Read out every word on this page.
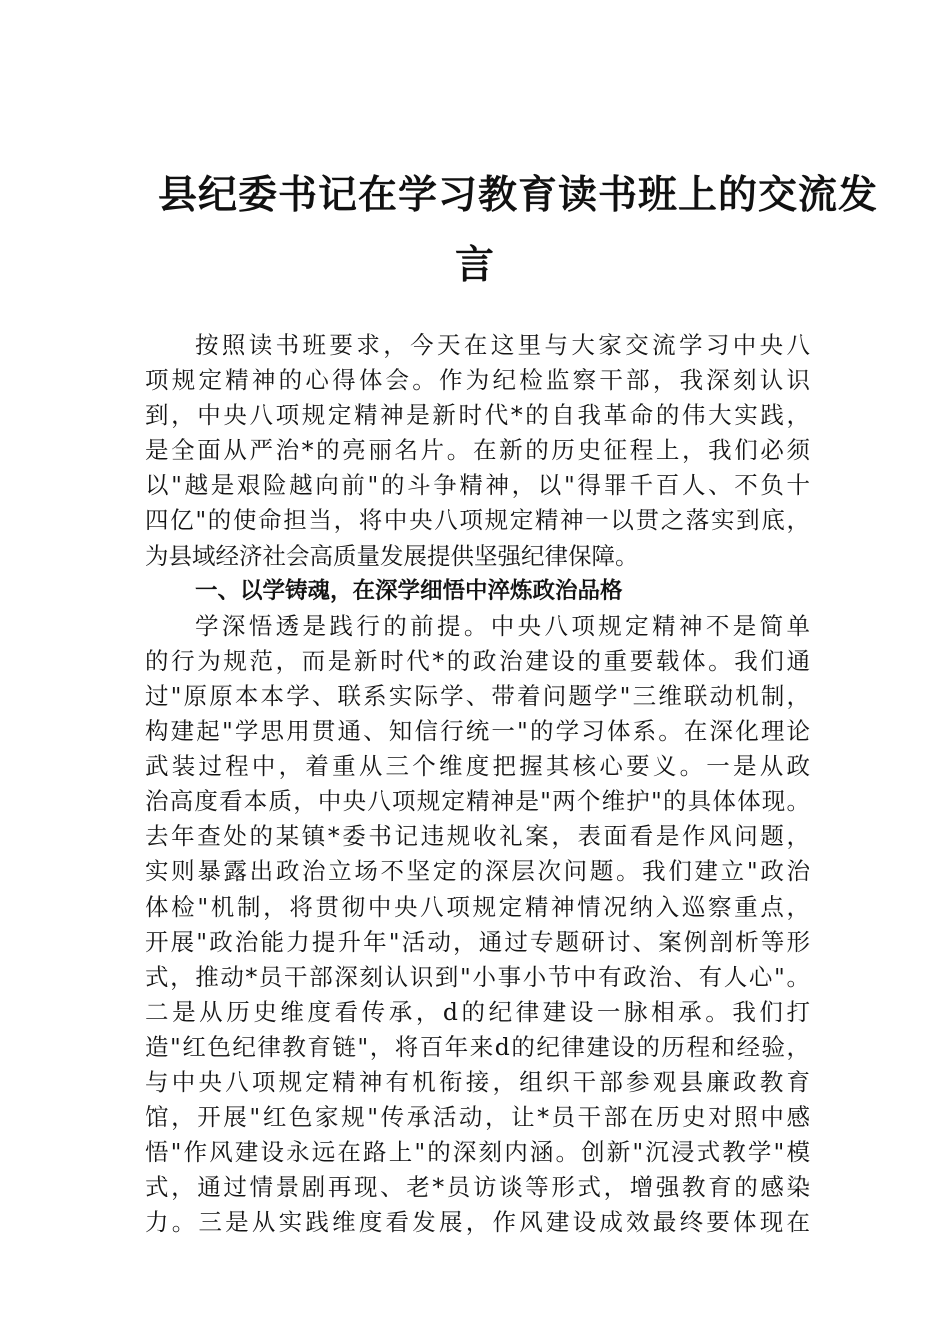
县纪委书记在学习教育读书班上的交流发
言
按照读书班要求，今天在这里与大家交流学习中央八
项规定精神的心得体会。作为纪检监察干部，我深刻认识
到，中央八项规定精神是新时代*的自我革命的伟大实践，
是全面从严治*的亮丽名片。在新的历史征程上，我们必须
以"越是艰险越向前"的斗争精神，以"得罪千百人、不负十
四亿"的使命担当，将中央八项规定精神一以贯之落实到底，
为县域经济社会高质量发展提供坚强纪律保障。
一、以学铸魂，在深学细悟中淬炼政治品格
学深悟透是践行的前提。中央八项规定精神不是简单
的行为规范，而是新时代*的政治建设的重要载体。我们通
过"原原本本学、联系实际学、带着问题学"三维联动机制，
构建起"学思用贯通、知信行统一"的学习体系。在深化理论
武装过程中，着重从三个维度把握其核心要义。一是从政
治高度看本质，中央八项规定精神是"两个维护"的具体体现。
去年查处的某镇*委书记违规收礼案，表面看是作风问题，
实则暴露出政治立场不坚定的深层次问题。我们建立"政治
体检"机制，将贯彻中央八项规定精神情况纳入巡察重点，
开展"政治能力提升年"活动，通过专题研讨、案例剖析等形
式，推动*员干部深刻认识到"小事小节中有政治、有人心"。
二是从历史维度看传承，d的纪律建设一脉相承。我们打
造"红色纪律教育链"，将百年来d的纪律建设的历程和经验，
与中央八项规定精神有机衔接，组织干部参观县廉政教育
馆，开展"红色家规"传承活动，让*员干部在历史对照中感
悟"作风建设永远在路上"的深刻内涵。创新"沉浸式教学"模
式，通过情景剧再现、老*员访谈等形式，增强教育的感染
力。三是从实践维度看发展，作风建设成效最终要体现在
